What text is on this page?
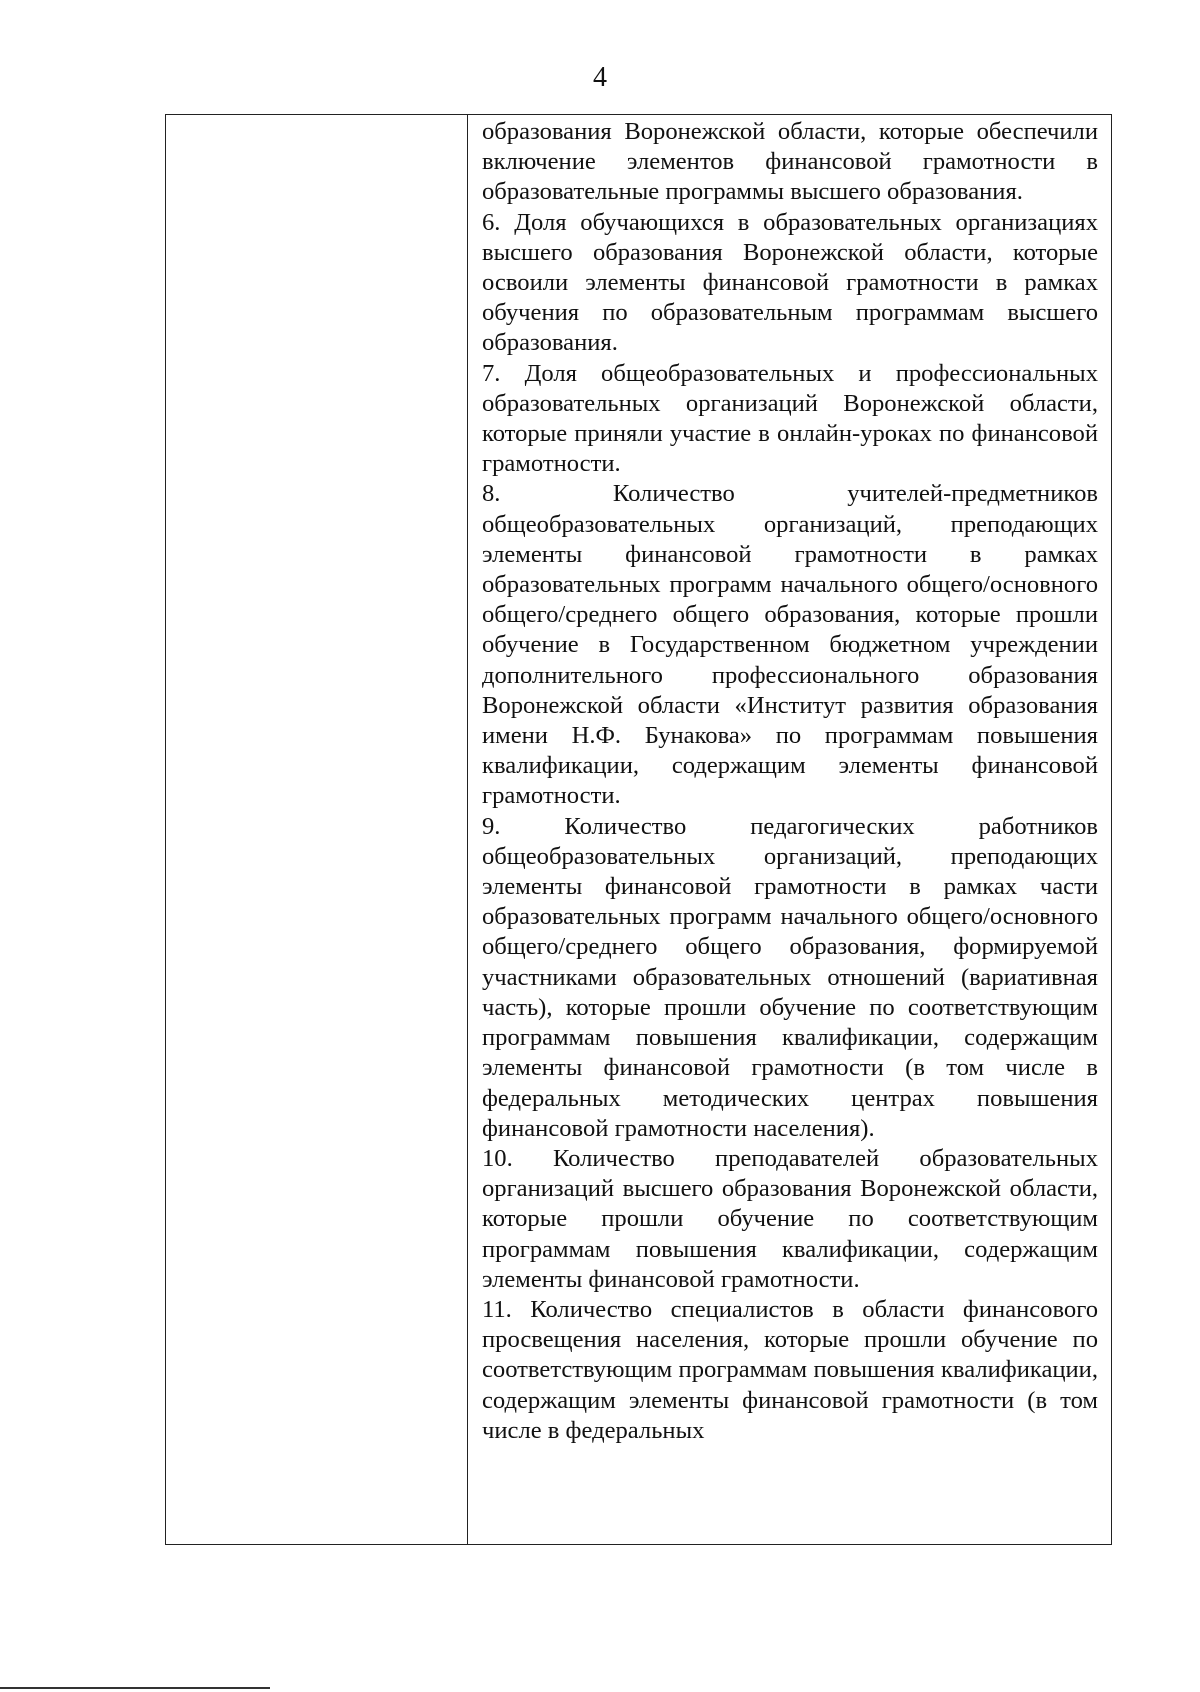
4

образования Воронежской области, которые обеспечили включение элементов финансовой грамотности в образовательные программы высшего образования.

6. Доля обучающихся в образовательных организациях высшего образования Воронежской области, которые освоили элементы финансовой грамотности в рамках обучения по образовательным программам высшего образования.

7. Доля общеобразовательных и профессиональных образовательных организаций Воронежской области, которые приняли участие в онлайн-уроках по финансовой грамотности.

8. Количество учителей-предметников общеобразовательных организаций, преподающих элементы финансовой грамотности в рамках образовательных программ начального общего/основного общего/среднего общего образования, которые прошли обучение в Государственном бюджетном учреждении дополнительного профессионального образования Воронежской области «Институт развития образования имени Н.Ф. Бунакова» по программам повышения квалификации, содержащим элементы финансовой грамотности.

9. Количество педагогических работников общеобразовательных организаций, преподающих элементы финансовой грамотности в рамках части образовательных программ начального общего/основного общего/среднего общего образования, формируемой участниками образовательных отношений (вариативная часть), которые прошли обучение по соответствующим программам повышения квалификации, содержащим элементы финансовой грамотности (в том числе в федеральных методических центрах повышения финансовой грамотности населения).

10. Количество преподавателей образовательных организаций высшего образования Воронежской области, которые прошли обучение по соответствующим программам повышения квалификации, содержащим элементы финансовой грамотности.

11. Количество специалистов в области финансового просвещения населения, которые прошли обучение по соответствующим программам повышения квалификации, содержащим элементы финансовой грамотности (в том числе в федеральных
